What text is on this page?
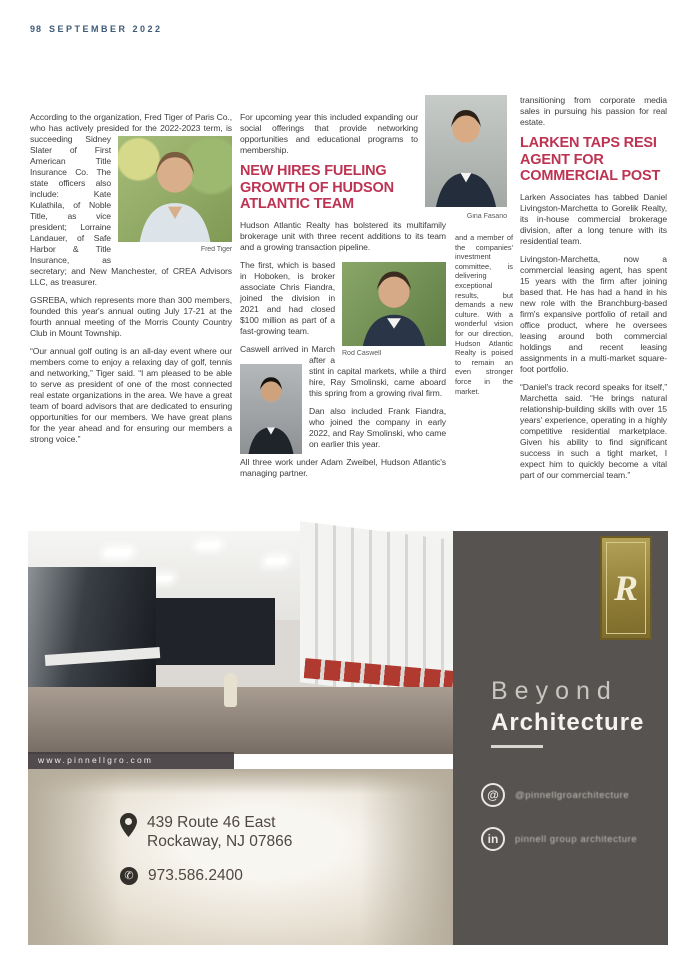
98 SEPTEMBER 2022
According to the organization, Fred Tiger of Paris Co., who has actively presided for the 2022-2023 term, is
Fred Tiger
succeeding Sidney Slater of First American Title Insurance Co. The state officers also include: Kate Kulathila, of Noble Title, as vice president; Lorraine Landauer, of Safe Harbor & Title Insurance, as secretary; and New Manchester, of CREA Advisors LLC, as treasurer.
GSREBA, which represents more than 300 members, founded this year's annual outing July 17-21 at the fourth annual meeting of the Morris County Country Club in Mount Township.
“Our annual golf outing is an all-day event where our members come to enjoy a relaxing day of golf, tennis and networking,” Tiger said. “I am pleased to be able to serve as president of one of the most connected real estate organizations in the area. We have a great team of board advisors that are dedicated to ensuring opportunities for our members. We have great plans for the year ahead and for ensuring our members a strong voice.”
For upcoming year this included expanding our social offerings that provide networking opportunities and educational programs to membership.
NEW HIRES FUELING GROWTH OF HUDSON ATLANTIC TEAM
Hudson Atlantic Realty has bolstered its multifamily brokerage unit with three recent additions to its team and a growing transaction pipeline.
Rod Caswell
The first, which is based in Hoboken, is broker associate Chris Fiandra, joined the division in 2021 and had closed $100 million as part of a fast-growing team.
Caswell arrived in March after a stint in capital markets, while a third hire, Ray Smolinski, came aboard this spring from a growing rival firm.
Dan also included Frank Fiandra, who joined the company in early 2022, and Ray Smolinski, who came on earlier this year.
All three work under Adam Zweibel, Hudson Atlantic's managing partner.
Gina Fasano
and a member of the companies' investment committee, is delivering exceptional results, but demands a new culture. With a wonderful vision for our direction, Hudson Atlantic Realty is poised to remain an even stronger force in the market.
transitioning from corporate media sales in pursuing his passion for real estate.
LARKEN TAPS RESI AGENT FOR COMMERCIAL POST
Larken Associates has tabbed Daniel Livingston-Marchetta to Gorelik Realty, its in-house commercial brokerage division, after a long tenure with its residential team.
Livingston-Marchetta, now a commercial leasing agent, has spent 15 years with the firm after joining based that. He has had a hand in his new role with the Branchburg-based firm's expansive portfolio of retail and office product, where he oversees leasing around both commercial holdings and recent leasing assignments in a multi-market square-foot portfolio.
“Daniel's track record speaks for itself,” Marchetta said. “He brings natural relationship-building skills with over 15 years' experience, operating in a highly competitive residential marketplace. Given his ability to find significant success in such a tight market, I expect him to quickly become a vital part of our commercial team.”
www.pinnellgro.com
439 Route 46 East
Rockaway, NJ 07866
✆ 973.586.2400
R
Beyond
Architecture
@	@pinnellgroarchitecture
in	pinnell group architecture
